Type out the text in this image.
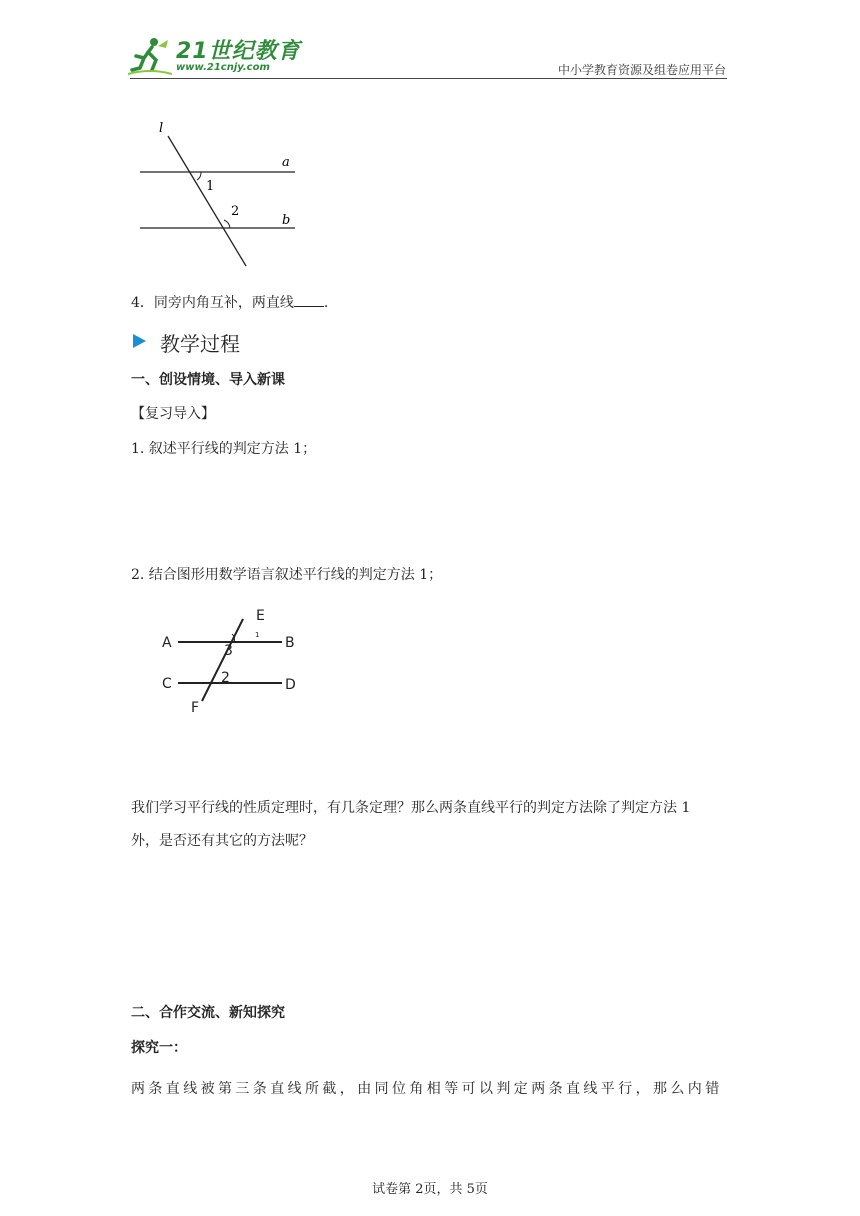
21世纪教育
www.21cnjy.com	中小学教育资源及组卷应用平台
l
a
b
1
2
4．同旁内角互补，两直线 .
教学过程
一、创设情境、导入新课
【复习导入】
1. 叙述平行线的判定方法 1；
2. 结合图形用数学语言叙述平行线的判定方法 1；
A	B
C	D
E
F
3
1
2
我们学习平行线的性质定理时，有几条定理？那么两条直线平行的判定方法除了判定方法 1
外，是否还有其它的方法呢？
二、合作交流、新知探究
探究一：
两条直线被第三条直线所截，由同位角相等可以判定两条直线平行，那么内错
试卷第 2页，共 5页
